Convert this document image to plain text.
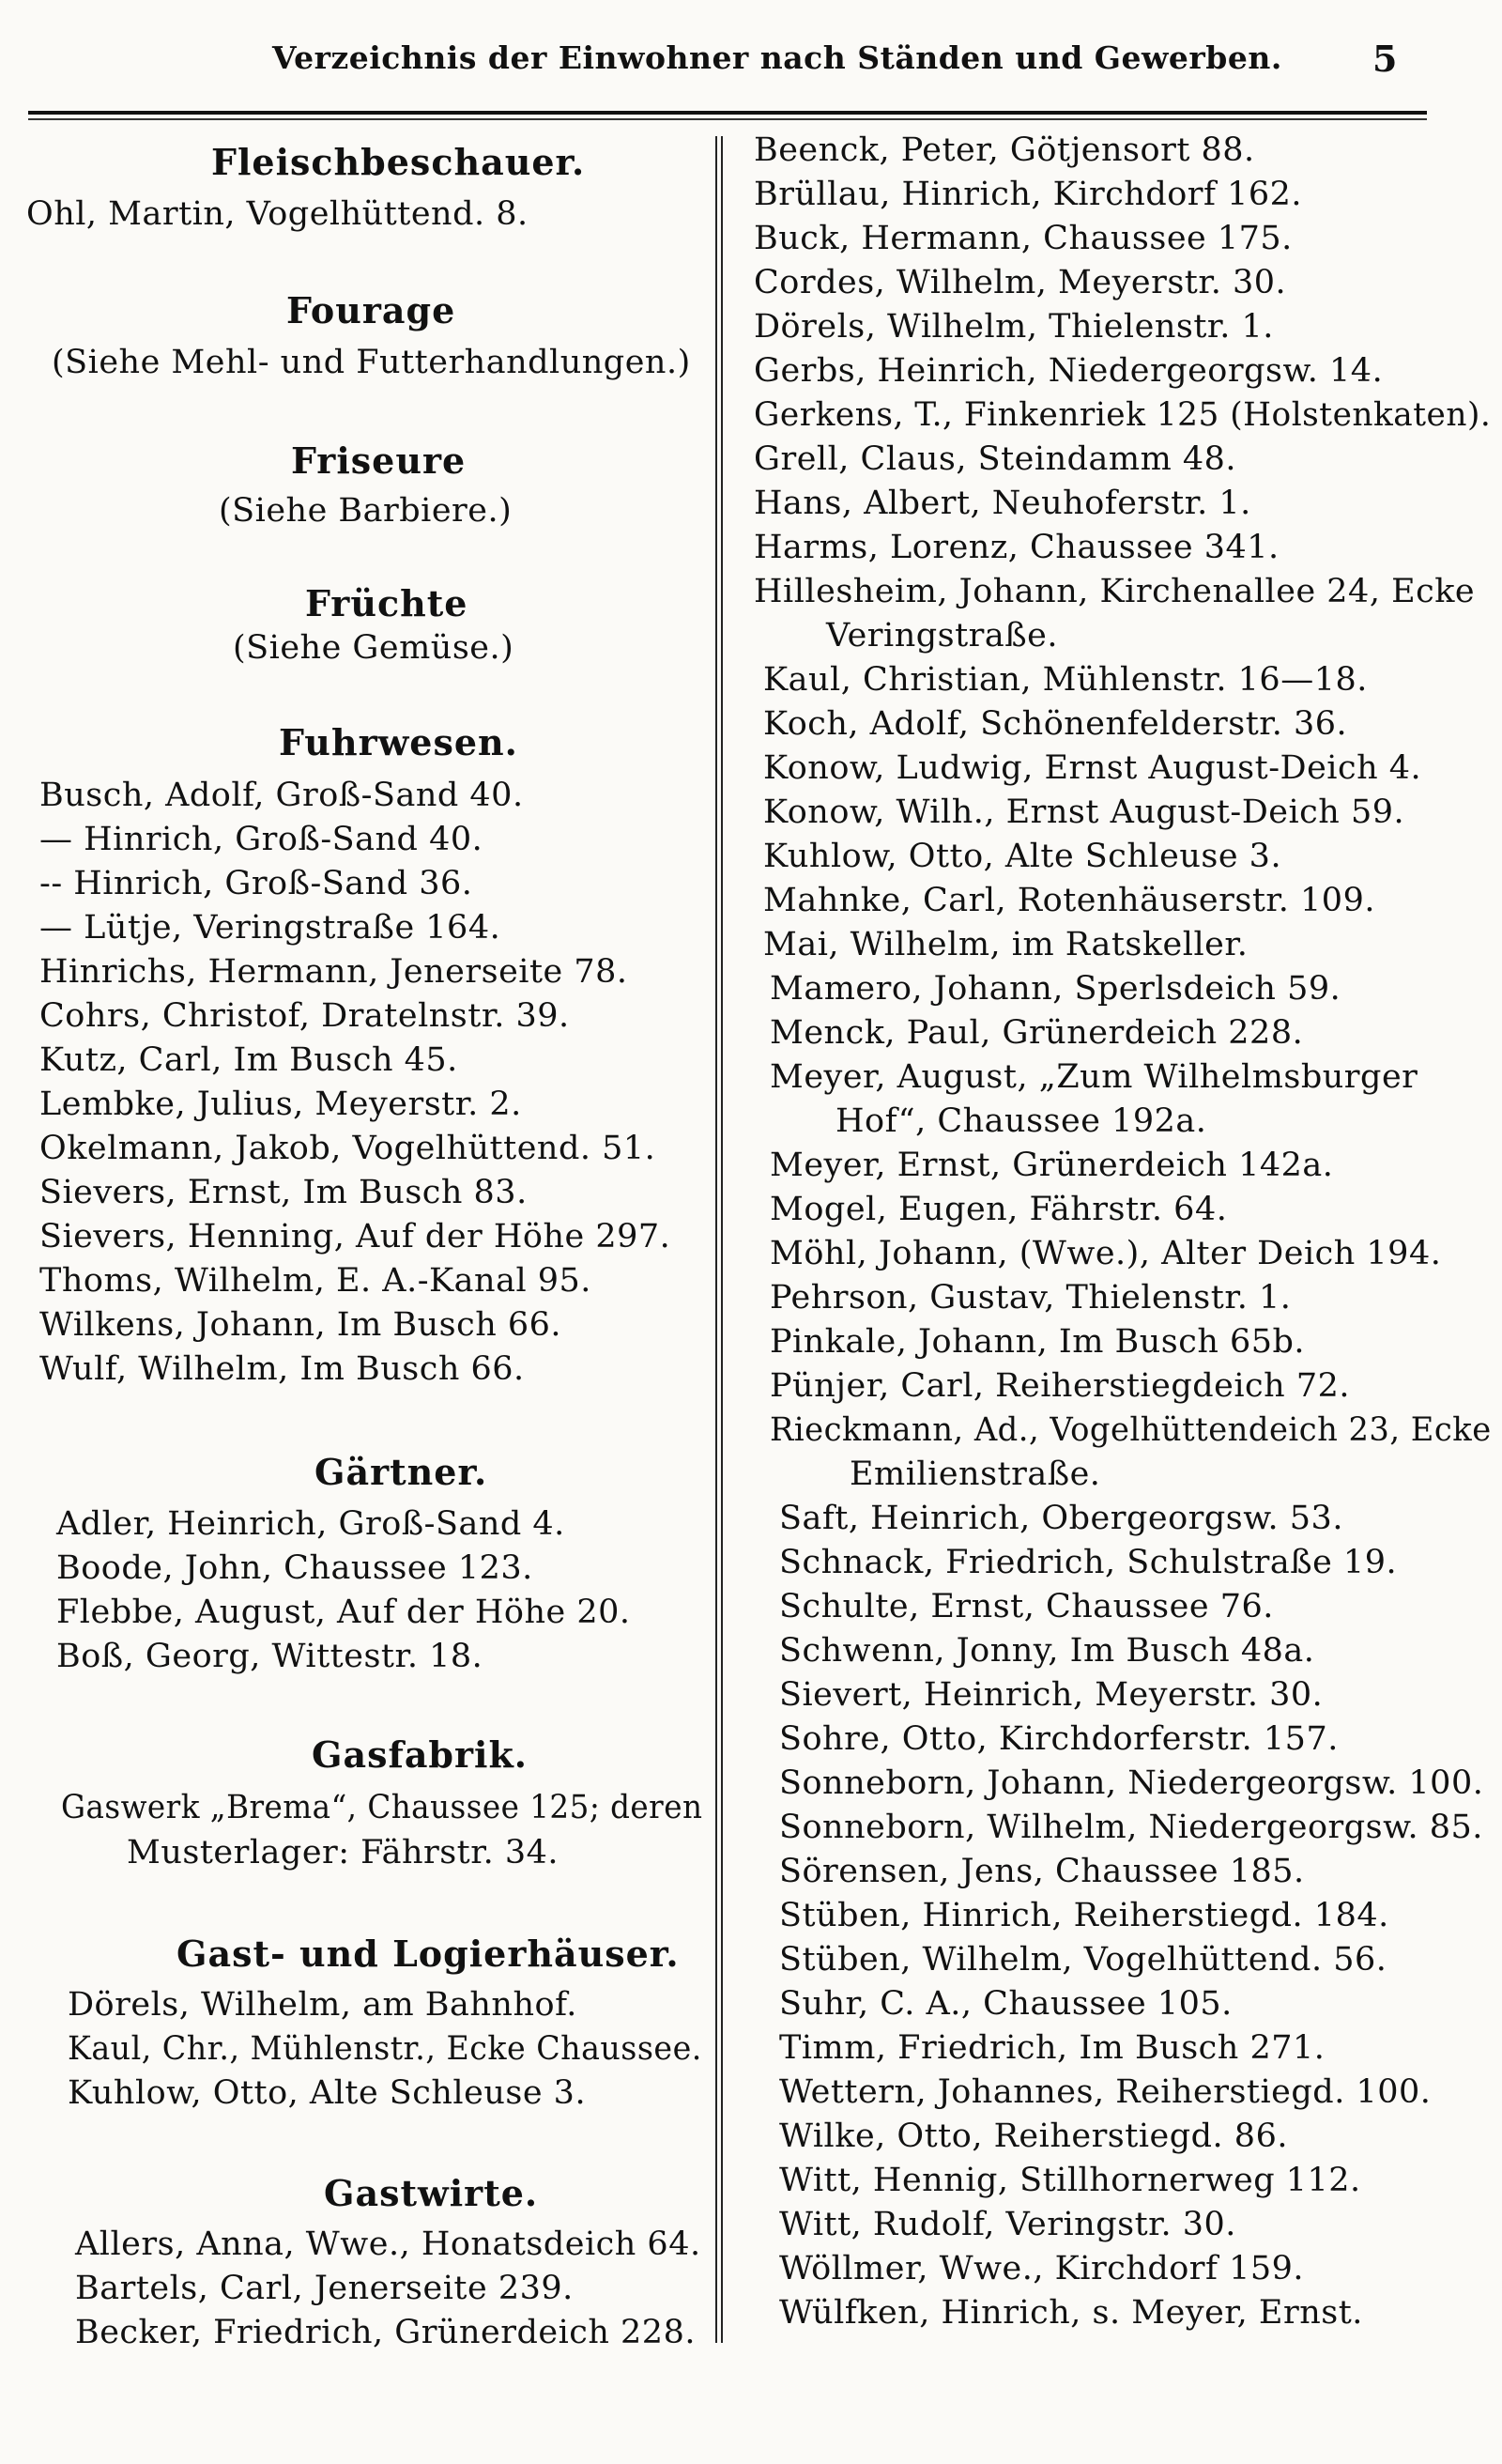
Verzeichnis der Einwohner nach Ständen und Gewerben.	5
Fleischbeschauer.
Ohl, Martin, Vogelhüttend. 8.
Fourage
(Siehe Mehl- und Futterhandlungen.)
Friseure
(Siehe Barbiere.)
Früchte
(Siehe Gemüse.)
Fuhrwesen.
Busch, Adolf, Groß-Sand 40.
— Hinrich, Groß-Sand 40.
-- Hinrich, Groß-Sand 36.
— Lütje, Veringstraße 164.
Hinrichs, Hermann, Jenerseite 78.
Cohrs, Christof, Dratelnstr. 39.
Kutz, Carl, Im Busch 45.
Lembke, Julius, Meyerstr. 2.
Okelmann, Jakob, Vogelhüttend. 51.
Sievers, Ernst, Im Busch 83.
Sievers, Henning, Auf der Höhe 297.
Thoms, Wilhelm, E. A.-Kanal 95.
Wilkens, Johann, Im Busch 66.
Wulf, Wilhelm, Im Busch 66.
Gärtner.
Adler, Heinrich, Groß-Sand 4.
Boode, John, Chaussee 123.
Flebbe, August, Auf der Höhe 20.
Boß, Georg, Wittestr. 18.
Gasfabrik.
Gaswerk „Brema“, Chaussee 125; deren
Musterlager: Fährstr. 34.
Gast- und Logierhäuser.
Dörels, Wilhelm, am Bahnhof.
Kaul, Chr., Mühlenstr., Ecke Chaussee.
Kuhlow, Otto, Alte Schleuse 3.
Gastwirte.
Allers, Anna, Wwe., Honatsdeich 64.
Bartels, Carl, Jenerseite 239.
Becker, Friedrich, Grünerdeich 228.
Beenck, Peter, Götjensort 88.
Brüllau, Hinrich, Kirchdorf 162.
Buck, Hermann, Chaussee 175.
Cordes, Wilhelm, Meyerstr. 30.
Dörels, Wilhelm, Thielenstr. 1.
Gerbs, Heinrich, Niedergeorgsw. 14.
Gerkens, T., Finkenriek 125 (Holstenkaten).
Grell, Claus, Steindamm 48.
Hans, Albert, Neuhoferstr. 1.
Harms, Lorenz, Chaussee 341.
Hillesheim, Johann, Kirchenallee 24, Ecke
Veringstraße.
Kaul, Christian, Mühlenstr. 16—18.
Koch, Adolf, Schönenfelderstr. 36.
Konow, Ludwig, Ernst August-Deich 4.
Konow, Wilh., Ernst August-Deich 59.
Kuhlow, Otto, Alte Schleuse 3.
Mahnke, Carl, Rotenhäuserstr. 109.
Mai, Wilhelm, im Ratskeller.
Mamero, Johann, Sperlsdeich 59.
Menck, Paul, Grünerdeich 228.
Meyer, August, „Zum Wilhelmsburger
Hof“, Chaussee 192a.
Meyer, Ernst, Grünerdeich 142a.
Mogel, Eugen, Fährstr. 64.
Möhl, Johann, (Wwe.), Alter Deich 194.
Pehrson, Gustav, Thielenstr. 1.
Pinkale, Johann, Im Busch 65b.
Pünjer, Carl, Reiherstiegdeich 72.
Rieckmann, Ad., Vogelhüttendeich 23, Ecke
Emilienstraße.
Saft, Heinrich, Obergeorgsw. 53.
Schnack, Friedrich, Schulstraße 19.
Schulte, Ernst, Chaussee 76.
Schwenn, Jonny, Im Busch 48a.
Sievert, Heinrich, Meyerstr. 30.
Sohre, Otto, Kirchdorferstr. 157.
Sonneborn, Johann, Niedergeorgsw. 100.
Sonneborn, Wilhelm, Niedergeorgsw. 85.
Sörensen, Jens, Chaussee 185.
Stüben, Hinrich, Reiherstiegd. 184.
Stüben, Wilhelm, Vogelhüttend. 56.
Suhr, C. A., Chaussee 105.
Timm, Friedrich, Im Busch 271.
Wettern, Johannes, Reiherstiegd. 100.
Wilke, Otto, Reiherstiegd. 86.
Witt, Hennig, Stillhornerweg 112.
Witt, Rudolf, Veringstr. 30.
Wöllmer, Wwe., Kirchdorf 159.
Wülfken, Hinrich, s. Meyer, Ernst.
